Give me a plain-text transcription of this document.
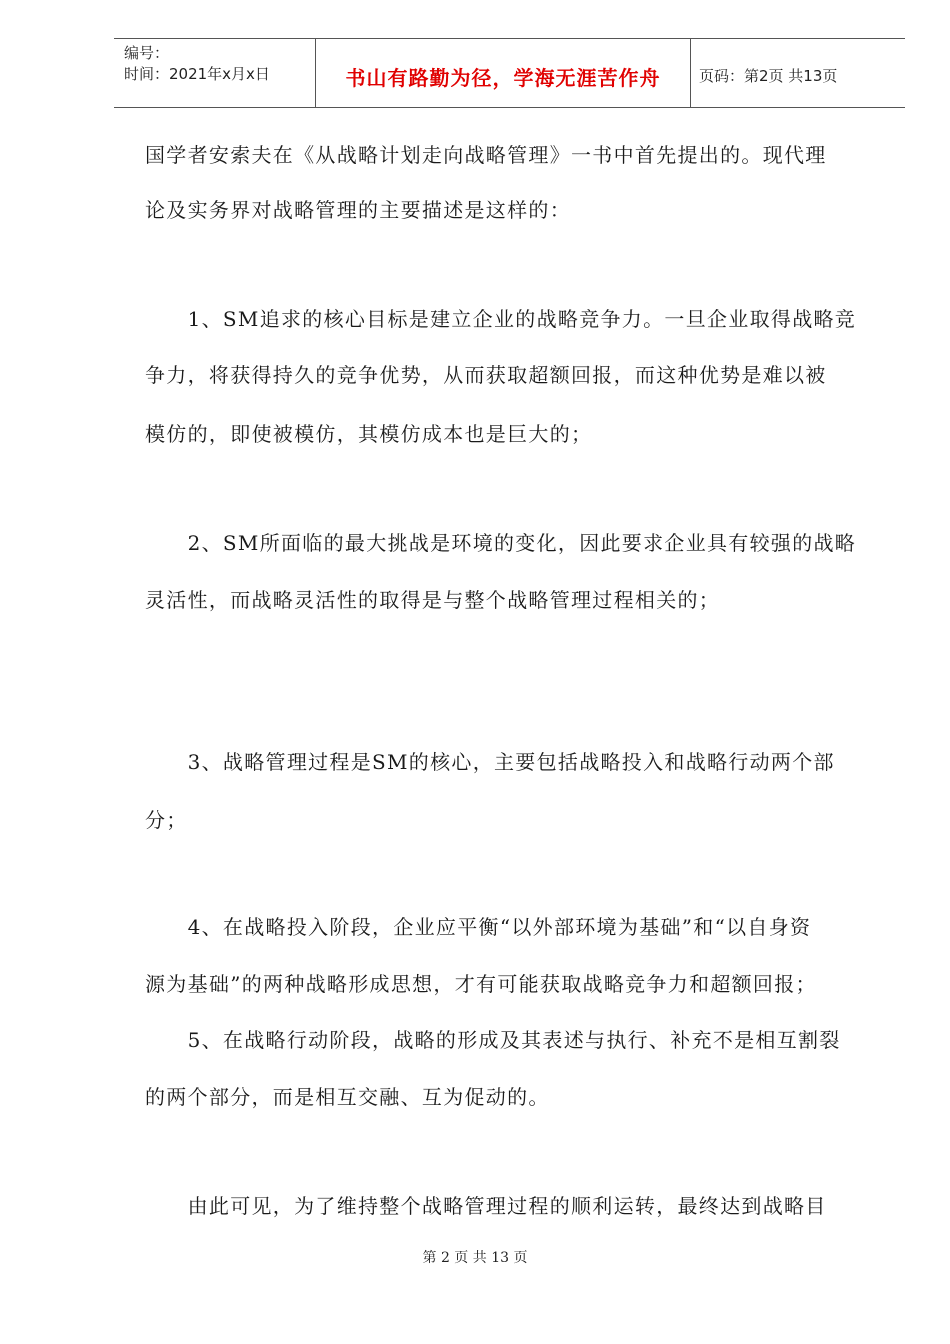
编号：
时间：2021年x月x日	书山有路勤为径，学海无涯苦作舟	页码：第2页 共13页
国学者安索夫在《从战略计划走向战略管理》一书中首先提出的。现代理
论及实务界对战略管理的主要描述是这样的：
　　1、SM追求的核心目标是建立企业的战略竞争力。一旦企业取得战略竞
争力，将获得持久的竞争优势，从而获取超额回报，而这种优势是难以被
模仿的，即使被模仿，其模仿成本也是巨大的；
　　2、SM所面临的最大挑战是环境的变化，因此要求企业具有较强的战略
灵活性，而战略灵活性的取得是与整个战略管理过程相关的；
　　3、战略管理过程是SM的核心，主要包括战略投入和战略行动两个部
分；
　　4、在战略投入阶段，企业应平衡“以外部环境为基础”和“以自身资
源为基础”的两种战略形成思想，才有可能获取战略竞争力和超额回报；
　　5、在战略行动阶段，战略的形成及其表述与执行、补充不是相互割裂
的两个部分，而是相互交融、互为促动的。
　　由此可见，为了维持整个战略管理过程的顺利运转，最终达到战略目
第 2 页 共 13 页
